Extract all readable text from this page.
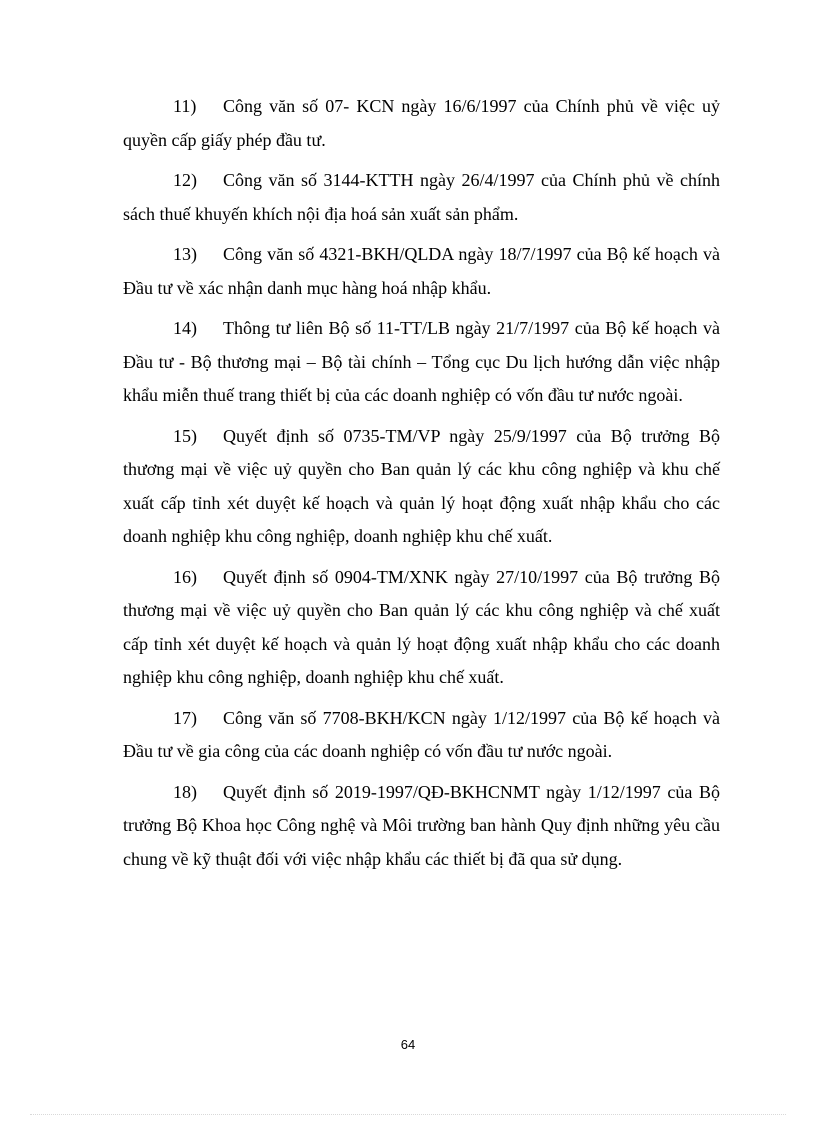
11) Công văn số 07- KCN ngày 16/6/1997 của Chính phủ về việc uỷ quyền cấp giấy phép đầu tư.

12) Công văn số 3144-KTTH ngày 26/4/1997 của Chính phủ về chính sách thuế khuyến khích nội địa hoá sản xuất sản phẩm.

13) Công văn số 4321-BKH/QLDA ngày 18/7/1997 của Bộ kế hoạch và Đầu tư về xác nhận danh mục hàng hoá nhập khẩu.

14) Thông tư liên Bộ số 11-TT/LB ngày 21/7/1997 của Bộ kế hoạch và Đầu tư - Bộ thương mại – Bộ tài chính – Tổng cục Du lịch hướng dẫn việc nhập khẩu miễn thuế trang thiết bị của các doanh nghiệp có vốn đầu tư nước ngoài.

15) Quyết định số 0735-TM/VP ngày 25/9/1997 của Bộ trưởng Bộ thương mại về việc uỷ quyền cho Ban quản lý các khu công nghiệp và khu chế xuất cấp tỉnh xét duyệt kế hoạch và quản lý hoạt động xuất nhập khẩu cho các doanh nghiệp khu công nghiệp, doanh nghiệp khu chế xuất.

16) Quyết định số 0904-TM/XNK ngày 27/10/1997 của Bộ trưởng Bộ thương mại về việc uỷ quyền cho Ban quản lý các khu công nghiệp và chế xuất cấp tỉnh xét duyệt kế hoạch và quản lý hoạt động xuất nhập khẩu cho các doanh nghiệp khu công nghiệp, doanh nghiệp khu chế xuất.

17) Công văn số 7708-BKH/KCN ngày 1/12/1997 của Bộ kế hoạch và Đầu tư về gia công của các doanh nghiệp có vốn đầu tư nước ngoài.

18) Quyết định số 2019-1997/QĐ-BKHCNMT ngày 1/12/1997 của Bộ trưởng Bộ Khoa học Công nghệ và Môi trường ban hành Quy định những yêu cầu chung về kỹ thuật đối với việc nhập khẩu các thiết bị đã qua sử dụng.

64
